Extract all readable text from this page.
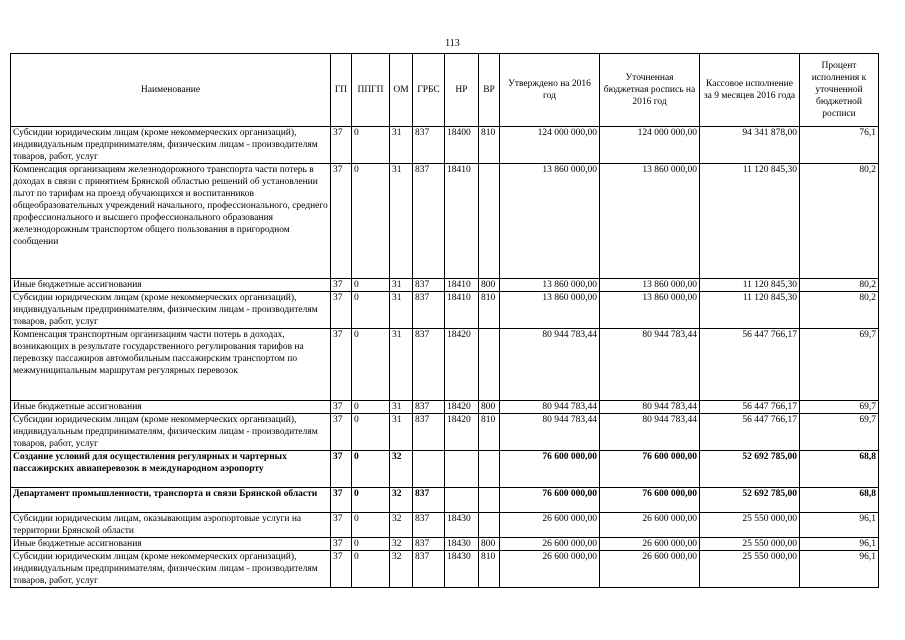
113
Наименование	ГП	ППГП	ОМ	ГРБС	НР	ВР	Утверждено на 2016 год	Уточненная бюджетная роспись на 2016 год	Кассовое исполнение за 9 месяцев 2016 года	Процент исполнения к уточненной бюджетной росписи
Субсидии юридическим лицам (кроме некоммерческих организаций), индивидуальным предпринимателям, физическим лицам - производителям товаров, работ, услуг	37	0	31	837	18400	810	124 000 000,00	124 000 000,00	94 341 878,00	76,1
Компенсация организациям железнодорожного транспорта части потерь в доходах в связи с принятием Брянской областью решений об установлении льгот по тарифам на проезд обучающихся и воспитанников общеобразовательных учреждений начального, профессионального, среднего профессионального и высшего профессионального образования железнодорожным транспортом общего пользования в пригородном сообщении	37	0	31	837	18410		13 860 000,00	13 860 000,00	11 120 845,30	80,2
Иные бюджетные ассигнования	37	0	31	837	18410	800	13 860 000,00	13 860 000,00	11 120 845,30	80,2
Субсидии юридическим лицам (кроме некоммерческих организаций), индивидуальным предпринимателям, физическим лицам - производителям товаров, работ, услуг	37	0	31	837	18410	810	13 860 000,00	13 860 000,00	11 120 845,30	80,2
Компенсация транспортным организациям части потерь в доходах, возникающих в результате государственного регулирования тарифов на перевозку пассажиров автомобильным пассажирским транспортом по межмуниципальным маршрутам регулярных перевозок	37	0	31	837	18420		80 944 783,44	80 944 783,44	56 447 766,17	69,7
Иные бюджетные ассигнования	37	0	31	837	18420	800	80 944 783,44	80 944 783,44	56 447 766,17	69,7
Субсидии юридическим лицам (кроме некоммерческих организаций), индивидуальным предпринимателям, физическим лицам - производителям товаров, работ, услуг	37	0	31	837	18420	810	80 944 783,44	80 944 783,44	56 447 766,17	69,7
Создание условий для осуществления регулярных и чартерных пассажирских авиаперевозок в международном аэропорту	37	0	32				76 600 000,00	76 600 000,00	52 692 785,00	68,8
Департамент промышленности, транспорта и связи Брянской области	37	0	32	837			76 600 000,00	76 600 000,00	52 692 785,00	68,8
Субсидии юридическим лицам, оказывающим аэропортовые услуги на территории Брянской области	37	0	32	837	18430		26 600 000,00	26 600 000,00	25 550 000,00	96,1
Иные бюджетные ассигнования	37	0	32	837	18430	800	26 600 000,00	26 600 000,00	25 550 000,00	96,1
Субсидии юридическим лицам (кроме некоммерческих организаций), индивидуальным предпринимателям, физическим лицам - производителям товаров, работ, услуг	37	0	32	837	18430	810	26 600 000,00	26 600 000,00	25 550 000,00	96,1
